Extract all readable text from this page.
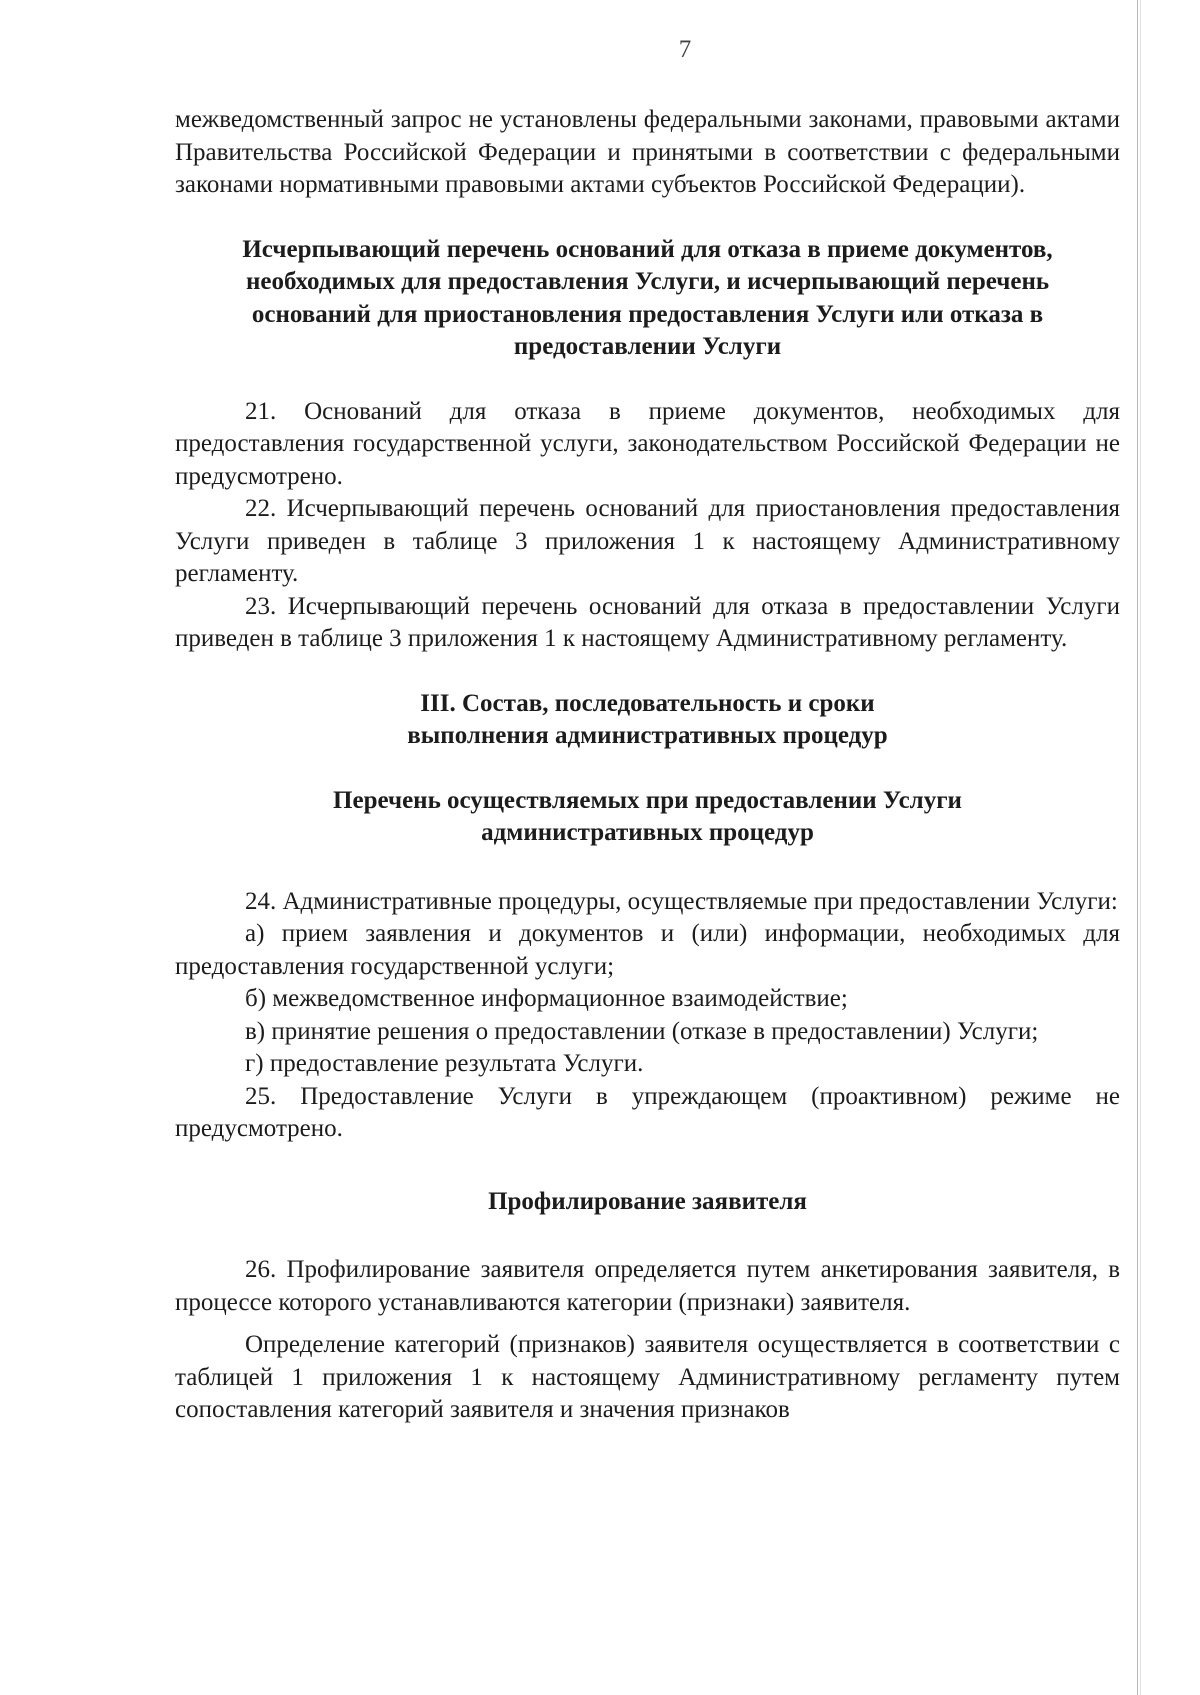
7

межведомственный запрос не установлены федеральными законами, правовыми актами Правительства Российской Федерации и принятыми в соответствии с федеральными законами нормативными правовыми актами субъектов Российской Федерации).

Исчерпывающий перечень оснований для отказа в приеме документов,
необходимых для предоставления Услуги, и исчерпывающий перечень
оснований для приостановления предоставления Услуги или отказа в
предоставлении Услуги

21. Оснований для отказа в приеме документов, необходимых для предоставления государственной услуги, законодательством Российской Федерации не предусмотрено.

22. Исчерпывающий перечень оснований для приостановления предоставления Услуги приведен в таблице 3 приложения 1 к настоящему Административному регламенту.

23. Исчерпывающий перечень оснований для отказа в предоставлении Услуги приведен в таблице 3 приложения 1 к настоящему Административному регламенту.

III. Состав, последовательность и сроки
выполнения административных процедур
Перечень осуществляемых при предоставлении Услуги
административных процедур

24. Административные процедуры, осуществляемые при предоставлении Услуги:

а) прием заявления и документов и (или) информации, необходимых для предоставления государственной услуги;

б) межведомственное информационное взаимодействие;

в) принятие решения о предоставлении (отказе в предоставлении) Услуги;

г) предоставление результата Услуги.

25. Предоставление Услуги в упреждающем (проактивном) режиме не предусмотрено.

Профилирование заявителя

26. Профилирование заявителя определяется путем анкетирования заявителя, в процессе которого устанавливаются категории (признаки) заявителя.

Определение категорий (признаков) заявителя осуществляется в соответствии с таблицей 1 приложения 1 к настоящему Административному регламенту путем сопоставления категорий заявителя и значения признаков
